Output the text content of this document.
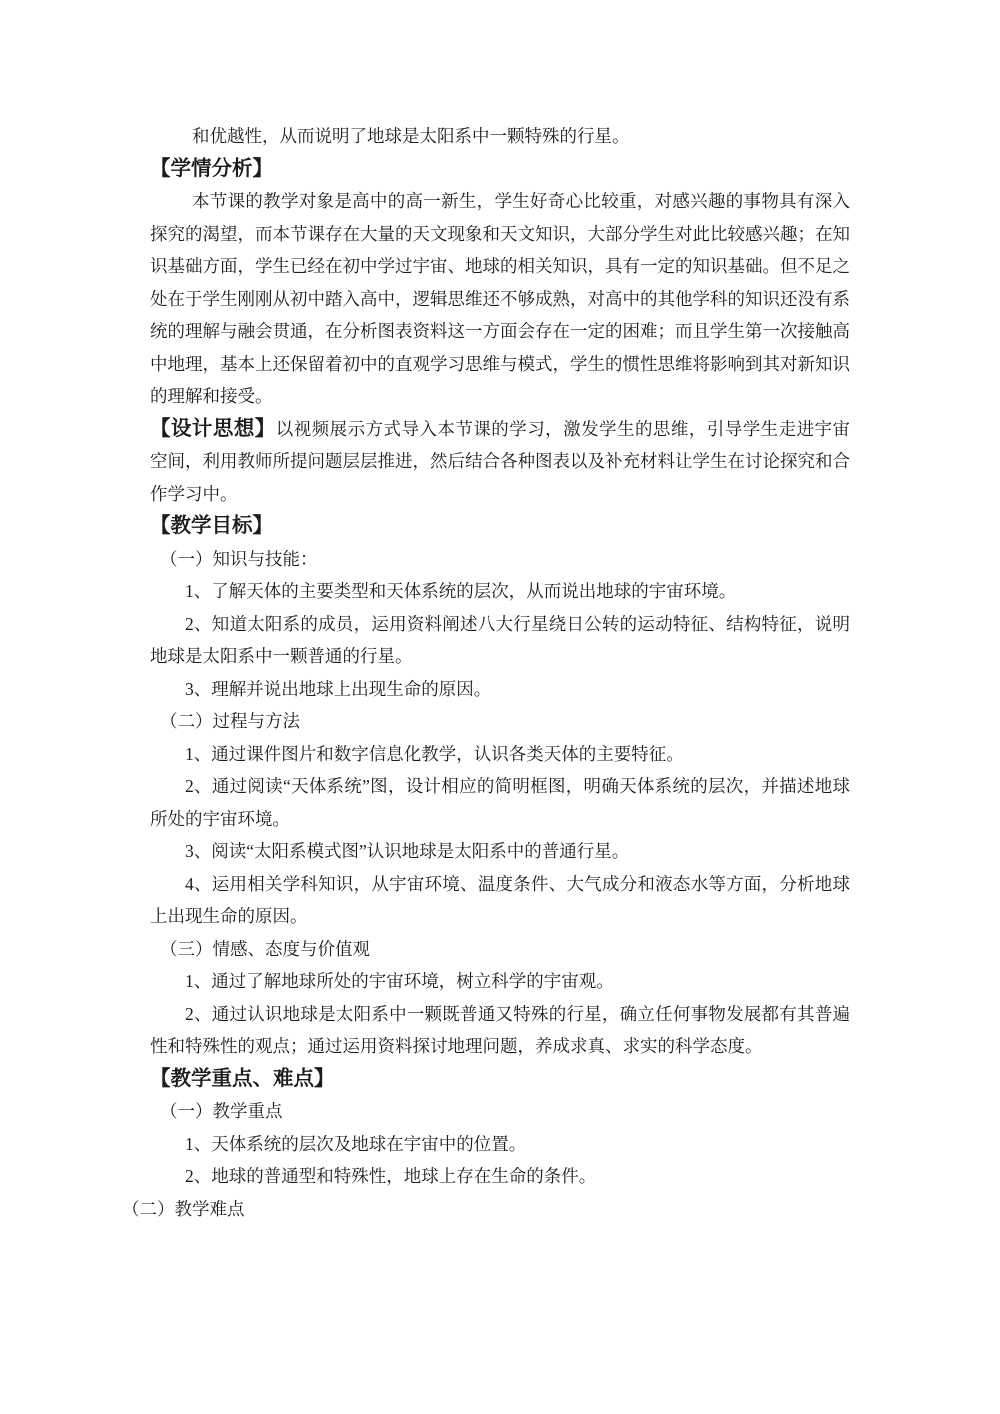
和优越性，从而说明了地球是太阳系中一颗特殊的行星。

【学情分析】

本节课的教学对象是高中的高一新生，学生好奇心比较重，对感兴趣的事物具有深入探究的渴望，而本节课存在大量的天文现象和天文知识，大部分学生对此比较感兴趣；在知识基础方面，学生已经在初中学过宇宙、地球的相关知识，具有一定的知识基础。但不足之处在于学生刚刚从初中踏入高中，逻辑思维还不够成熟，对高中的其他学科的知识还没有系统的理解与融会贯通，在分析图表资料这一方面会存在一定的困难；而且学生第一次接触高中地理，基本上还保留着初中的直观学习思维与模式，学生的惯性思维将影响到其对新知识的理解和接受。

【设计思想】以视频展示方式导入本节课的学习，激发学生的思维，引导学生走进宇宙空间，利用教师所提问题层层推进，然后结合各种图表以及补充材料让学生在讨论探究和合作学习中。

【教学目标】

（一）知识与技能：

1、了解天体的主要类型和天体系统的层次，从而说出地球的宇宙环境。

2、知道太阳系的成员，运用资料阐述八大行星绕日公转的运动特征、结构特征，说明地球是太阳系中一颗普通的行星。

3、理解并说出地球上出现生命的原因。

（二）过程与方法

1、通过课件图片和数字信息化教学，认识各类天体的主要特征。

2、通过阅读“天体系统”图，设计相应的简明框图，明确天体系统的层次，并描述地球所处的宇宙环境。

3、阅读“太阳系模式图”认识地球是太阳系中的普通行星。

4、运用相关学科知识，从宇宙环境、温度条件、大气成分和液态水等方面，分析地球上出现生命的原因。

（三）情感、态度与价值观

1、通过了解地球所处的宇宙环境，树立科学的宇宙观。

2、通过认识地球是太阳系中一颗既普通又特殊的行星，确立任何事物发展都有其普遍性和特殊性的观点；通过运用资料探讨地理问题，养成求真、求实的科学态度。

【教学重点、难点】

（一）教学重点

1、天体系统的层次及地球在宇宙中的位置。

2、地球的普通型和特殊性，地球上存在生命的条件。

（二）教学难点
